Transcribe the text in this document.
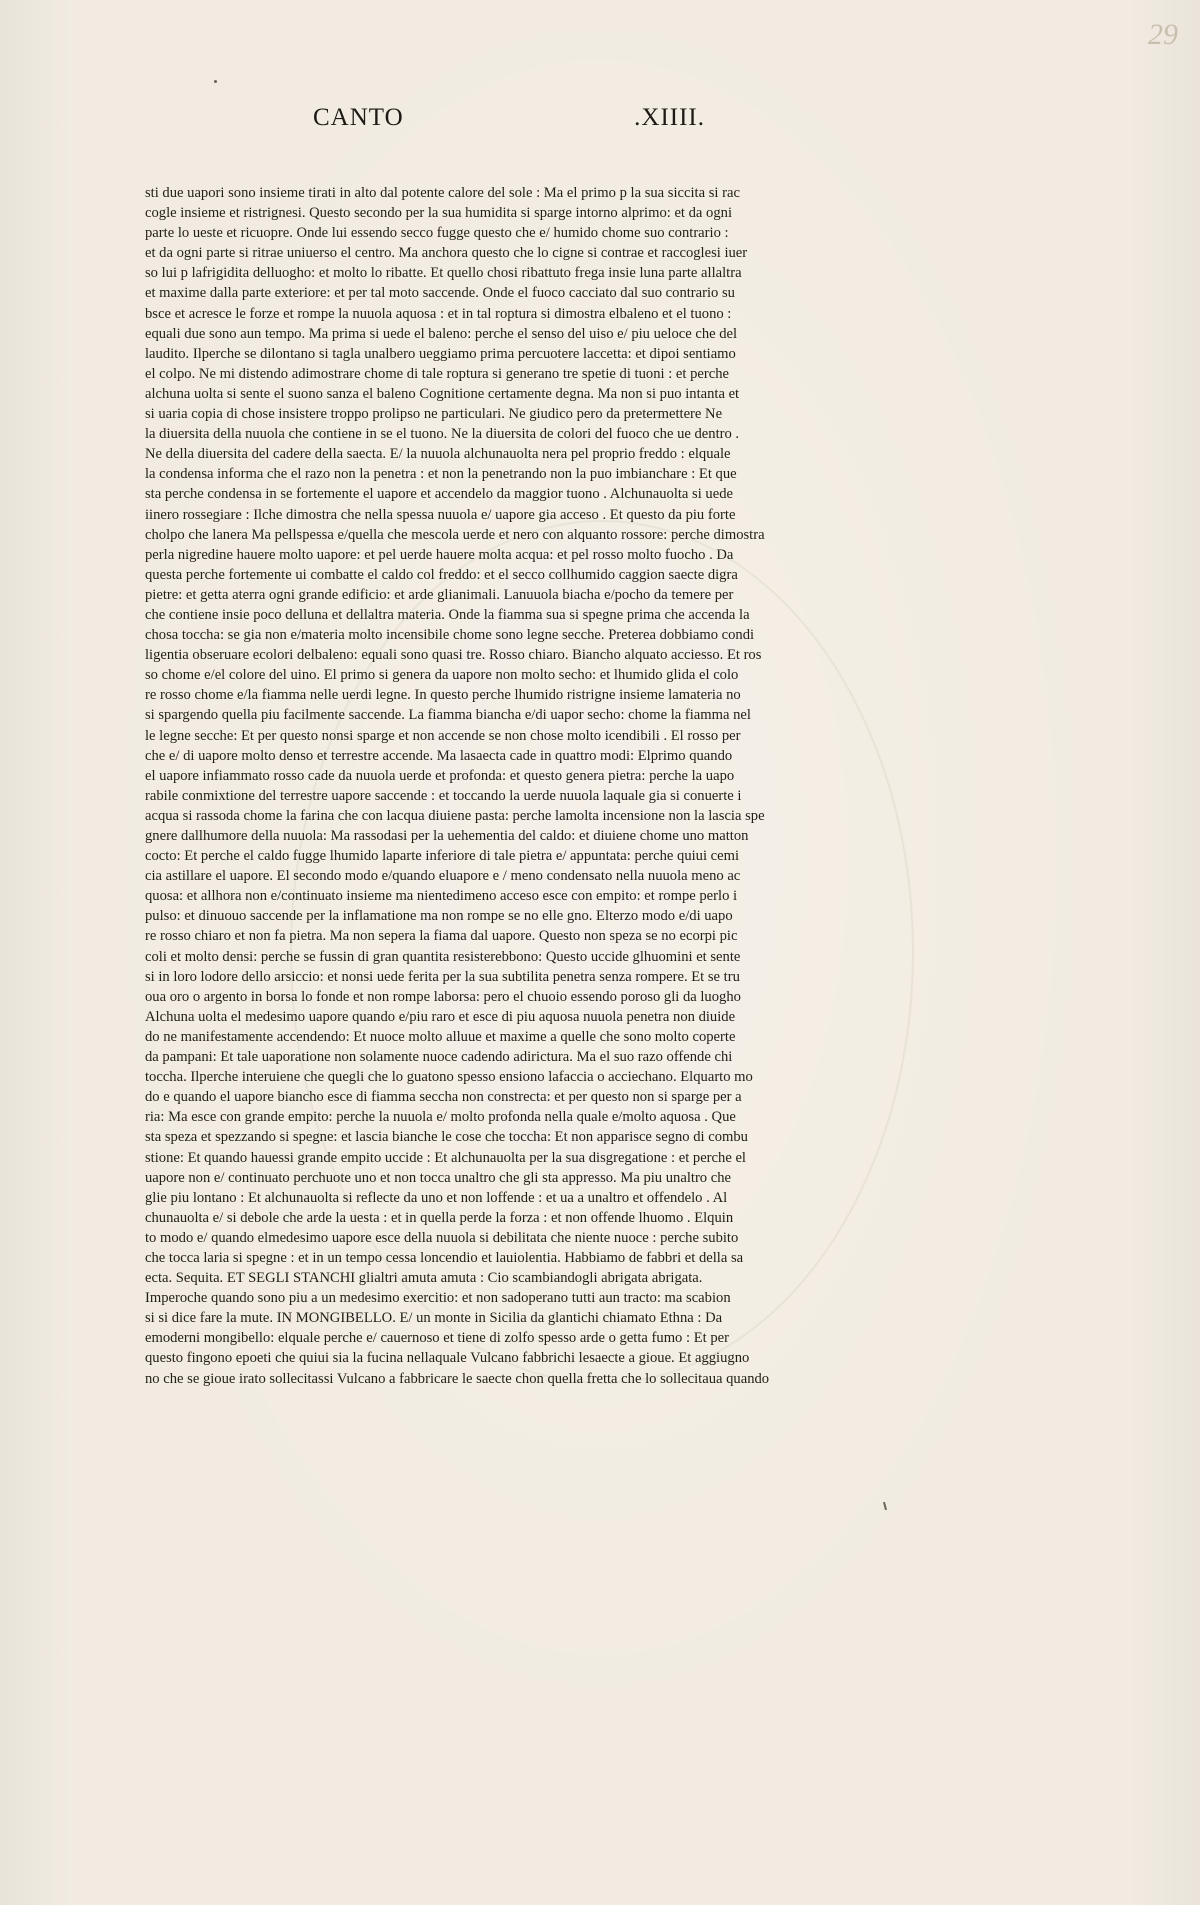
29
CANTO	.XIIII.
sti due uapori sono insieme tirati in alto dal potente calore del sole : Ma el primo p la sua siccita si rac
cogle insieme et ristrignesi. Questo secondo per la sua humidita si sparge intorno alprimo: et da ogni
parte lo ueste et ricuopre. Onde lui essendo secco fugge questo che e/ humido chome suo contrario :
et da ogni parte si ritrae uniuerso el centro. Ma anchora questo che lo cigne si contrae et raccoglesi iuer
so lui p lafrigidita delluogho: et molto lo ribatte. Et quello chosi ribattuto frega insie luna parte allaltra
et maxime dalla parte exteriore: et per tal moto saccende. Onde el fuoco cacciato dal suo contrario su
bsce et acresce le forze et rompe la nuuola aquosa : et in tal roptura si dimostra elbaleno et el tuono :
equali due sono aun tempo. Ma prima si uede el baleno: perche el senso del uiso e/ piu ueloce che del
laudito. Ilperche se dilontano si tagla unalbero ueggiamo prima percuotere laccetta: et dipoi sentiamo
el colpo. Ne mi distendo adimostrare chome di tale roptura si generano tre spetie di tuoni : et perche
alchuna uolta si sente el suono sanza el baleno Cognitione certamente degna. Ma non si puo intanta et
si uaria copia di chose insistere troppo prolipso ne particulari. Ne giudico pero da pretermettere Ne
la diuersita della nuuola che contiene in se el tuono. Ne la diuersita de colori del fuoco che ue dentro .
Ne della diuersita del cadere della saecta. E/ la nuuola alchunauolta nera pel proprio freddo : elquale
la condensa informa che el razo non la penetra : et non la penetrando non la puo imbianchare : Et que
sta perche condensa in se fortemente el uapore et accendelo da maggior tuono . Alchunauolta si uede
iinero rossegiare : Ilche dimostra che nella spessa nuuola e/ uapore gia acceso . Et questo da piu forte
cholpo che lanera Ma pellspessa e/quella che mescola uerde et nero con alquanto rossore: perche dimostra
perla nigredine hauere molto uapore: et pel uerde hauere molta acqua: et pel rosso molto fuocho . Da
questa perche fortemente ui combatte el caldo col freddo: et el secco collhumido caggion saecte digra
pietre: et getta aterra ogni grande edificio: et arde glianimali. Lanuuola biacha e/pocho da temere per
che contiene insie poco delluna et dellaltra materia. Onde la fiamma sua si spegne prima che accenda la
chosa toccha: se gia non e/materia molto incensibile chome sono legne secche. Preterea dobbiamo condi
ligentia obseruare ecolori delbaleno: equali sono quasi tre. Rosso chiaro. Biancho alquato acciesso. Et ros
so chome e/el colore del uino. El primo si genera da uapore non molto secho: et lhumido glida el colo
re rosso chome e/la fiamma nelle uerdi legne. In questo perche lhumido ristrigne insieme lamateria no
si spargendo quella piu facilmente saccende. La fiamma biancha e/di uapor secho: chome la fiamma nel
le legne secche: Et per questo nonsi sparge et non accende se non chose molto icendibili . El rosso per
che e/ di uapore molto denso et terrestre accende. Ma lasaecta cade in quattro modi: Elprimo quando
el uapore infiammato rosso cade da nuuola uerde et profonda: et questo genera pietra: perche la uapo
rabile conmixtione del terrestre uapore saccende : et toccando la uerde nuuola laquale gia si conuerte i
acqua si rassoda chome la farina che con lacqua diuiene pasta: perche lamolta incensione non la lascia spe
gnere dallhumore della nuuola: Ma rassodasi per la uehementia del caldo: et diuiene chome uno matton
cocto: Et perche el caldo fugge lhumido laparte inferiore di tale pietra e/ appuntata: perche quiui cemi
cia astillare el uapore. El secondo modo e/quando eluapore e / meno condensato nella nuuola meno ac
quosa: et allhora non e/continuato insieme ma nientedimeno acceso esce con empito: et rompe perlo i
pulso: et dinuouo saccende per la inflamatione ma non rompe se no elle gno. Elterzo modo e/di uapo
re rosso chiaro et non fa pietra. Ma non sepera la fiama dal uapore. Questo non speza se no ecorpi pic
coli et molto densi: perche se fussin di gran quantita resisterebbono: Questo uccide glhuomini et sente
si in loro lodore dello arsiccio: et nonsi uede ferita per la sua subtilita penetra senza rompere. Et se tru
oua oro o argento in borsa lo fonde et non rompe laborsa: pero el chuoio essendo poroso gli da luogho
Alchuna uolta el medesimo uapore quando e/piu raro et esce di piu aquosa nuuola penetra non diuide
do ne manifestamente accendendo: Et nuoce molto alluue et maxime a quelle che sono molto coperte
da pampani: Et tale uaporatione non solamente nuoce cadendo adirictura. Ma el suo razo offende chi
toccha. Ilperche interuiene che quegli che lo guatono spesso ensiono lafaccia o acciechano. Elquarto mo
do e quando el uapore biancho esce di fiamma seccha non constrecta: et per questo non si sparge per a
ria: Ma esce con grande empito: perche la nuuola e/ molto profonda nella quale e/molto aquosa . Que
sta speza et spezzando si spegne: et lascia bianche le cose che toccha: Et non apparisce segno di combu
stione: Et quando hauessi grande empito uccide : Et alchunauolta per la sua disgregatione : et perche el
uapore non e/ continuato perchuote uno et non tocca unaltro che gli sta appresso. Ma piu unaltro che
glie piu lontano : Et alchunauolta si reflecte da uno et non loffende : et ua a unaltro et offendelo . Al
chunauolta e/ si debole che arde la uesta : et in quella perde la forza : et non offende lhuomo . Elquin
to modo e/ quando elmedesimo uapore esce della nuuola si debilitata che niente nuoce : perche subito
che tocca laria si spegne : et in un tempo cessa loncendio et lauiolentia. Habbiamo de fabbri et della sa
ecta. Sequita. ET SEGLI STANCHI glialtri amuta amuta : Cio scambiandogli abrigata abrigata.
Imperoche quando sono piu a un medesimo exercitio: et non sadoperano tutti aun tracto: ma scabion
si si dice fare la mute. IN MONGIBELLO. E/ un monte in Sicilia da glantichi chiamato Ethna : Da
emoderni mongibello: elquale perche e/ cauernoso et tiene di zolfo spesso arde o getta fumo : Et per
questo fingono epoeti che quiui sia la fucina nellaquale Vulcano fabbrichi lesaecte a gioue. Et aggiugno
no che se gioue irato sollecitassi Vulcano a fabbricare le saecte chon quella fretta che lo sollecitaua quando
